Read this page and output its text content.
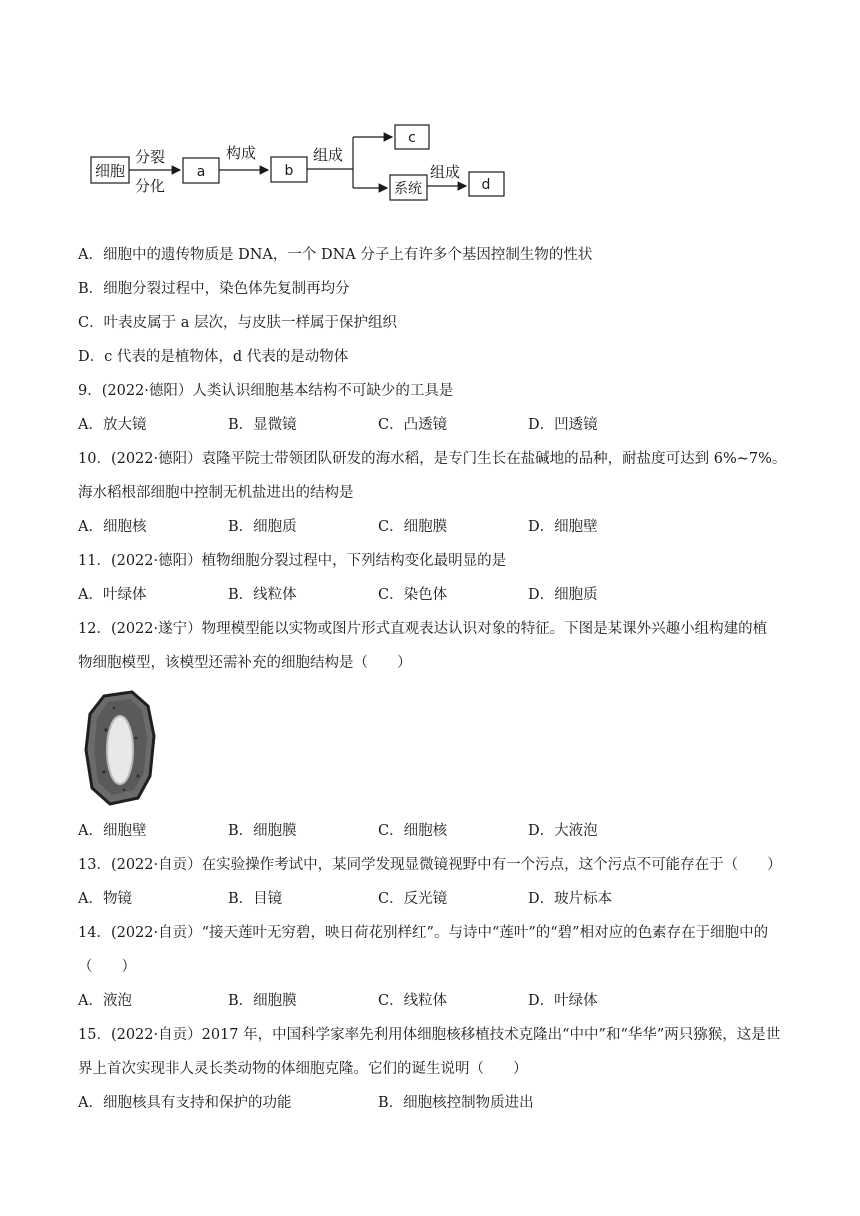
细胞
分裂
分化
a
构成
b
组成
c
系统
组成
d
A．细胞中的遗传物质是 DNA，一个 DNA 分子上有许多个基因控制生物的性状
B．细胞分裂过程中，染色体先复制再均分
C．叶表皮属于 a 层次，与皮肤一样属于保护组织
D．c 代表的是植物体，d 代表的是动物体
9．(2022·德阳）人类认识细胞基本结构不可缺少的工具是
A．放大镜	B．显微镜	C．凸透镜	D．凹透镜
10．(2022·德阳）袁隆平院士带领团队研发的海水稻，是专门生长在盐碱地的品种，耐盐度可达到 6%~7%。
海水稻根部细胞中控制无机盐进出的结构是
A．细胞核	B．细胞质	C．细胞膜	D．细胞壁
11．(2022·德阳）植物细胞分裂过程中，下列结构变化最明显的是
A．叶绿体	B．线粒体	C．染色体	D．细胞质
12．(2022·遂宁）物理模型能以实物或图片形式直观表达认识对象的特征。下图是某课外兴趣小组构建的植
物细胞模型，该模型还需补充的细胞结构是（　　）
A．细胞壁	B．细胞膜	C．细胞核	D．大液泡
13．(2022·自贡）在实验操作考试中，某同学发现显微镜视野中有一个污点，这个污点不可能存在于（　　）
A．物镜	B．目镜	C．反光镜	D．玻片标本
14．(2022·自贡）“接天莲叶无穷碧，映日荷花别样红”。与诗中“莲叶”的“碧”相对应的色素存在于细胞中的
（　　）
A．液泡	B．细胞膜	C．线粒体	D．叶绿体
15．(2022·自贡）2017 年，中国科学家率先利用体细胞核移植技术克隆出“中中”和“华华”两只猕猴，这是世
界上首次实现非人灵长类动物的体细胞克隆。它们的诞生说明（　　）
A．细胞核具有支持和保护的功能	B．细胞核控制物质进出
